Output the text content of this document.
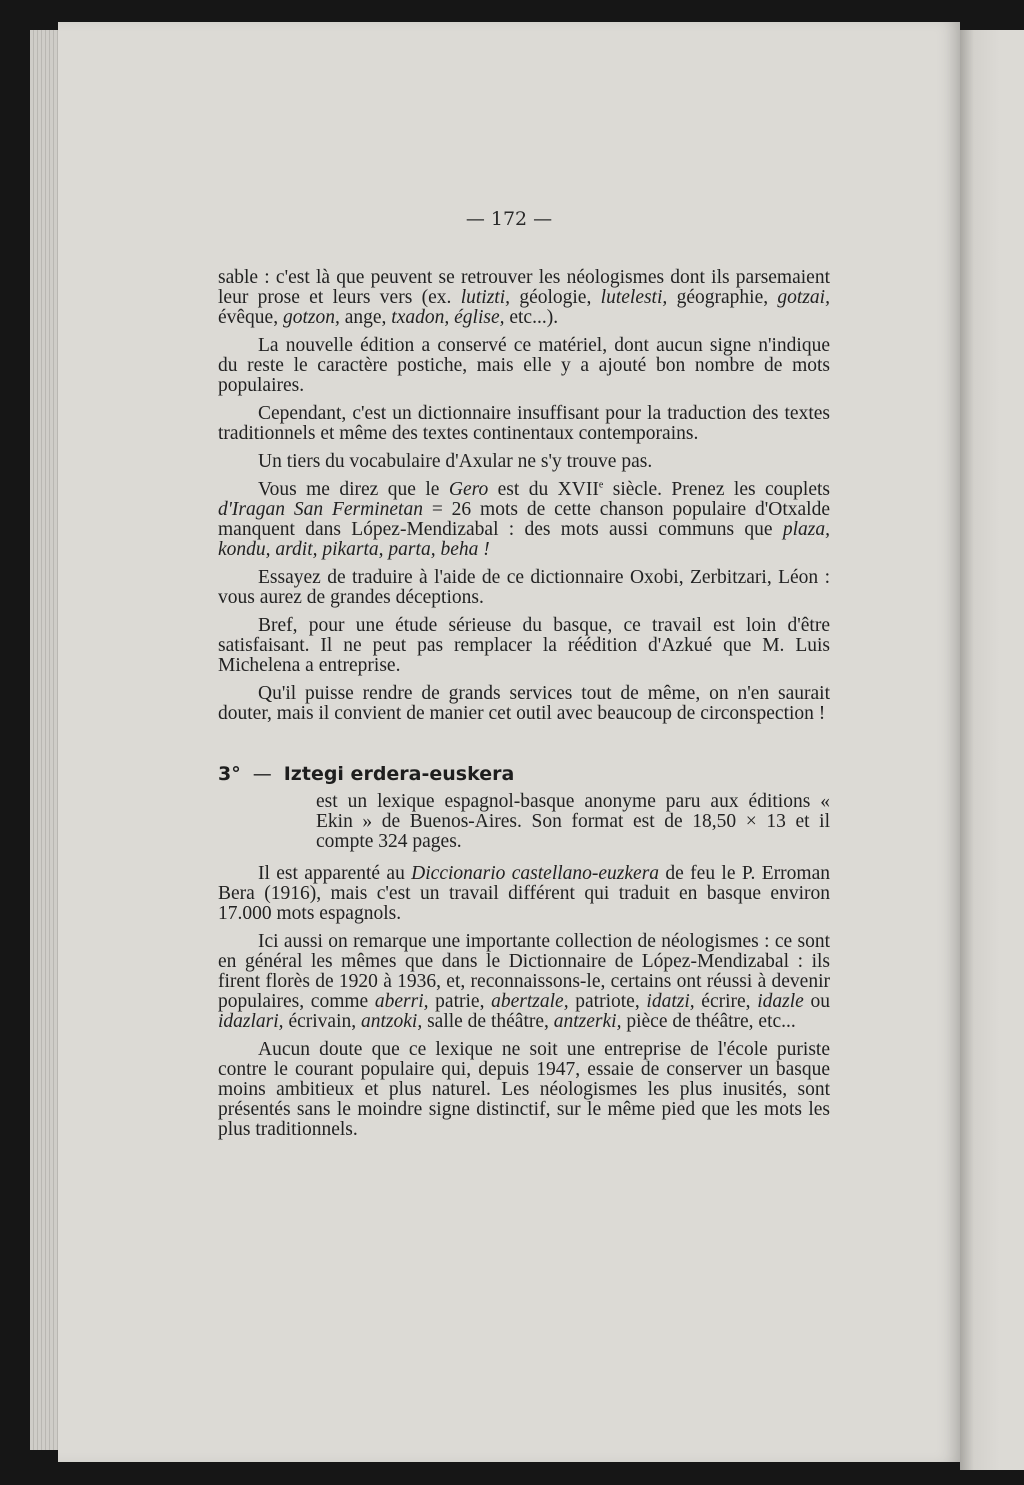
— 172 —

sable : c'est là que peuvent se retrouver les néologismes dont ils parsemaient leur prose et leurs vers (ex. lutizti, géologie, lutelesti, géographie, gotzai, évêque, gotzon, ange, txadon, église, etc...).

La nouvelle édition a conservé ce matériel, dont aucun signe n'indique du reste le caractère postiche, mais elle y a ajouté bon nombre de mots populaires.

Cependant, c'est un dictionnaire insuffisant pour la traduction des textes traditionnels et même des textes continentaux contemporains.

Un tiers du vocabulaire d'Axular ne s'y trouve pas.

Vous me direz que le Gero est du XVIIe siècle. Prenez les couplets d'Iragan San Ferminetan = 26 mots de cette chanson populaire d'Otxalde manquent dans López-Mendizabal : des mots aussi communs que plaza, kondu, ardit, pikarta, parta, beha !

Essayez de traduire à l'aide de ce dictionnaire Oxobi, Zerbitzari, Léon : vous aurez de grandes déceptions.

Bref, pour une étude sérieuse du basque, ce travail est loin d'être satisfaisant. Il ne peut pas remplacer la réédition d'Azkué que M. Luis Michelena a entreprise.

Qu'il puisse rendre de grands services tout de même, on n'en saurait douter, mais il convient de manier cet outil avec beaucoup de circonspection !

3° — Iztegi erdera-euskera

est un lexique espagnol-basque anonyme paru aux éditions « Ekin » de Buenos-Aires. Son format est de 18,50 × 13 et il compte 324 pages.

Il est apparenté au Diccionario castellano-euzkera de feu le P. Erroman Bera (1916), mais c'est un travail différent qui traduit en basque environ 17.000 mots espagnols.

Ici aussi on remarque une importante collection de néologismes : ce sont en général les mêmes que dans le Dictionnaire de López-Mendizabal : ils firent florès de 1920 à 1936, et, reconnaissons-le, certains ont réussi à devenir populaires, comme aberri, patrie, abertzale, patriote, idatzi, écrire, idazle ou idazlari, écrivain, antzoki, salle de théâtre, antzerki, pièce de théâtre, etc...

Aucun doute que ce lexique ne soit une entreprise de l'école puriste contre le courant populaire qui, depuis 1947, essaie de conserver un basque moins ambitieux et plus naturel. Les néologismes les plus inusités, sont présentés sans le moindre signe distinctif, sur le même pied que les mots les plus traditionnels.
